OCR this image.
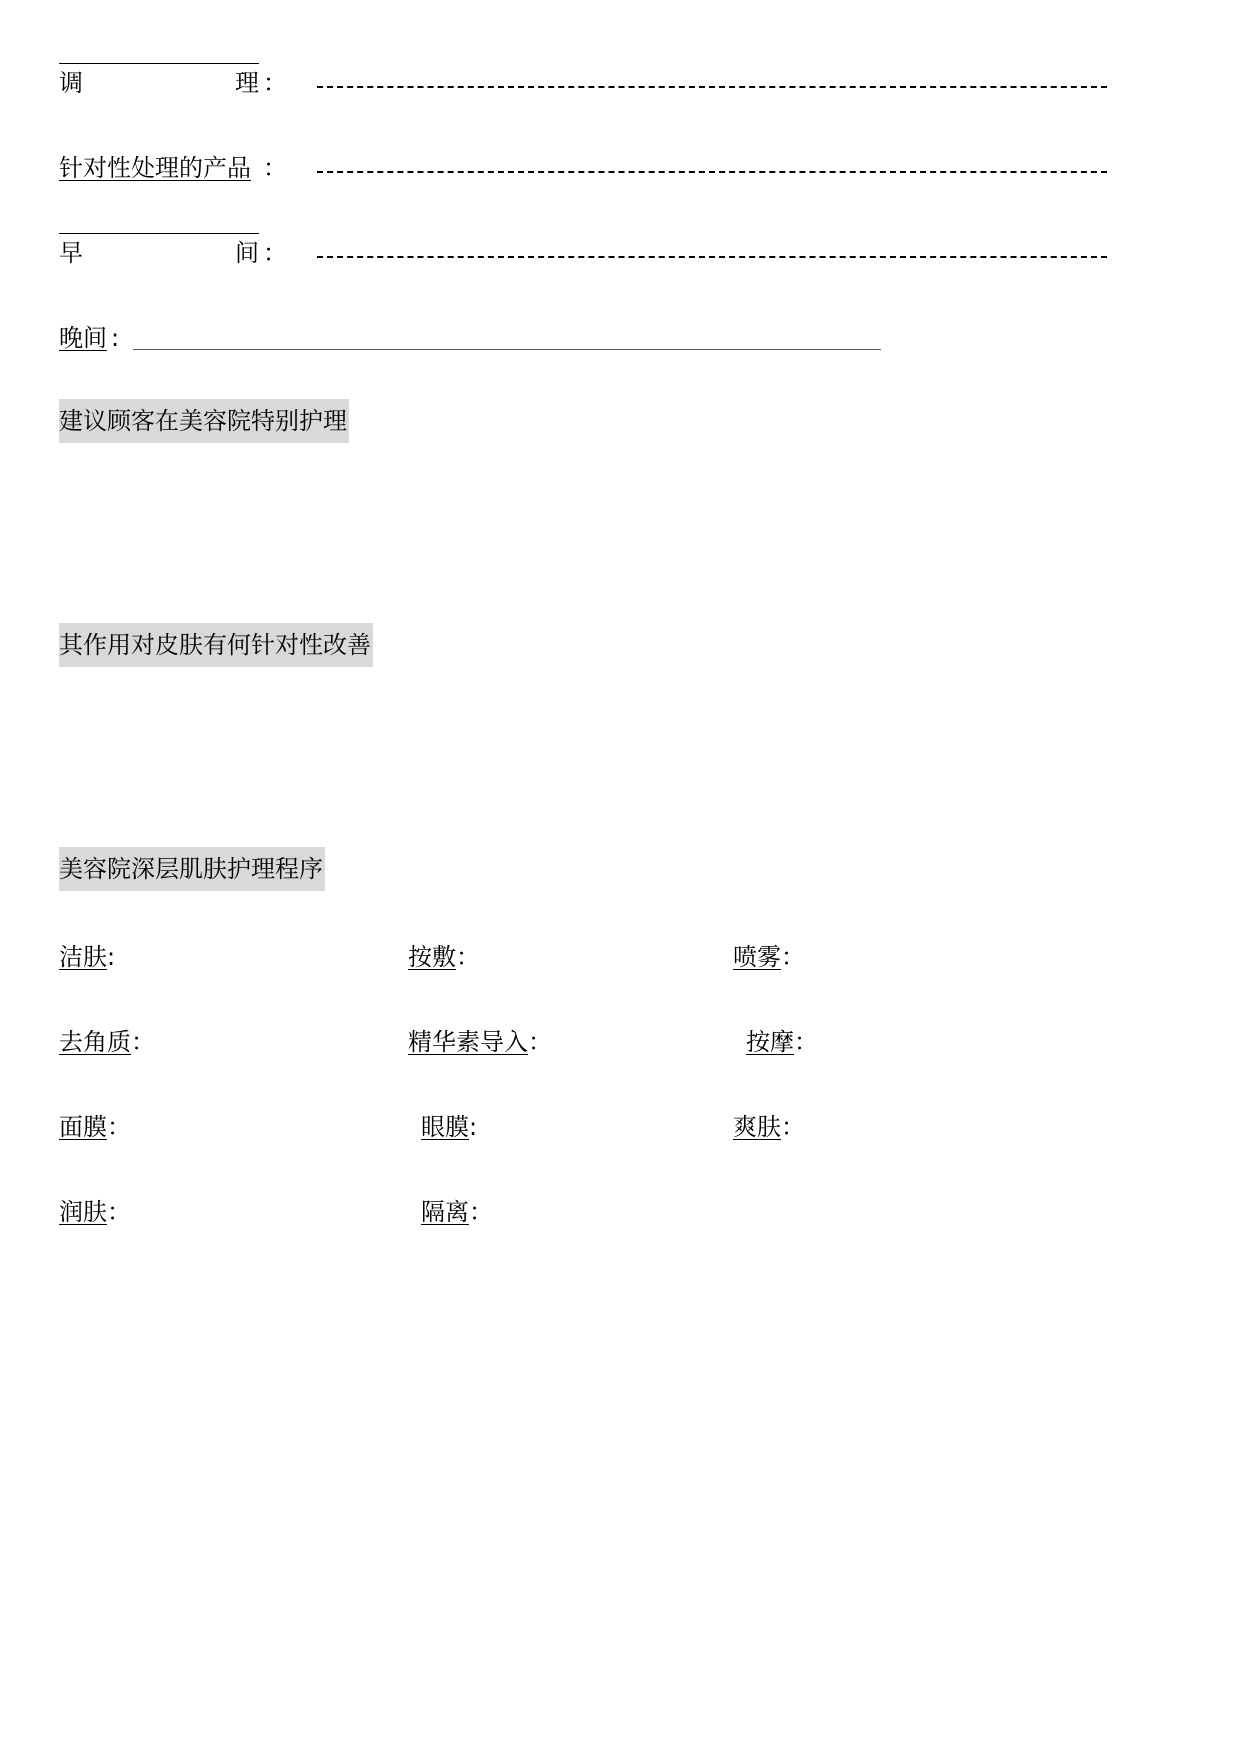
调	理 ：
针对性处理的产品 ：
早	间 ：
晚间 :
建议顾客在美容院特别护理
其作用对皮肤有何针对性改善
美容院深层肌肤护理程序
洁肤:	按敷：	喷雾：
去角质：	精华素导入：	按摩：
面膜：	眼膜:	爽肤：
润肤：	隔离：
